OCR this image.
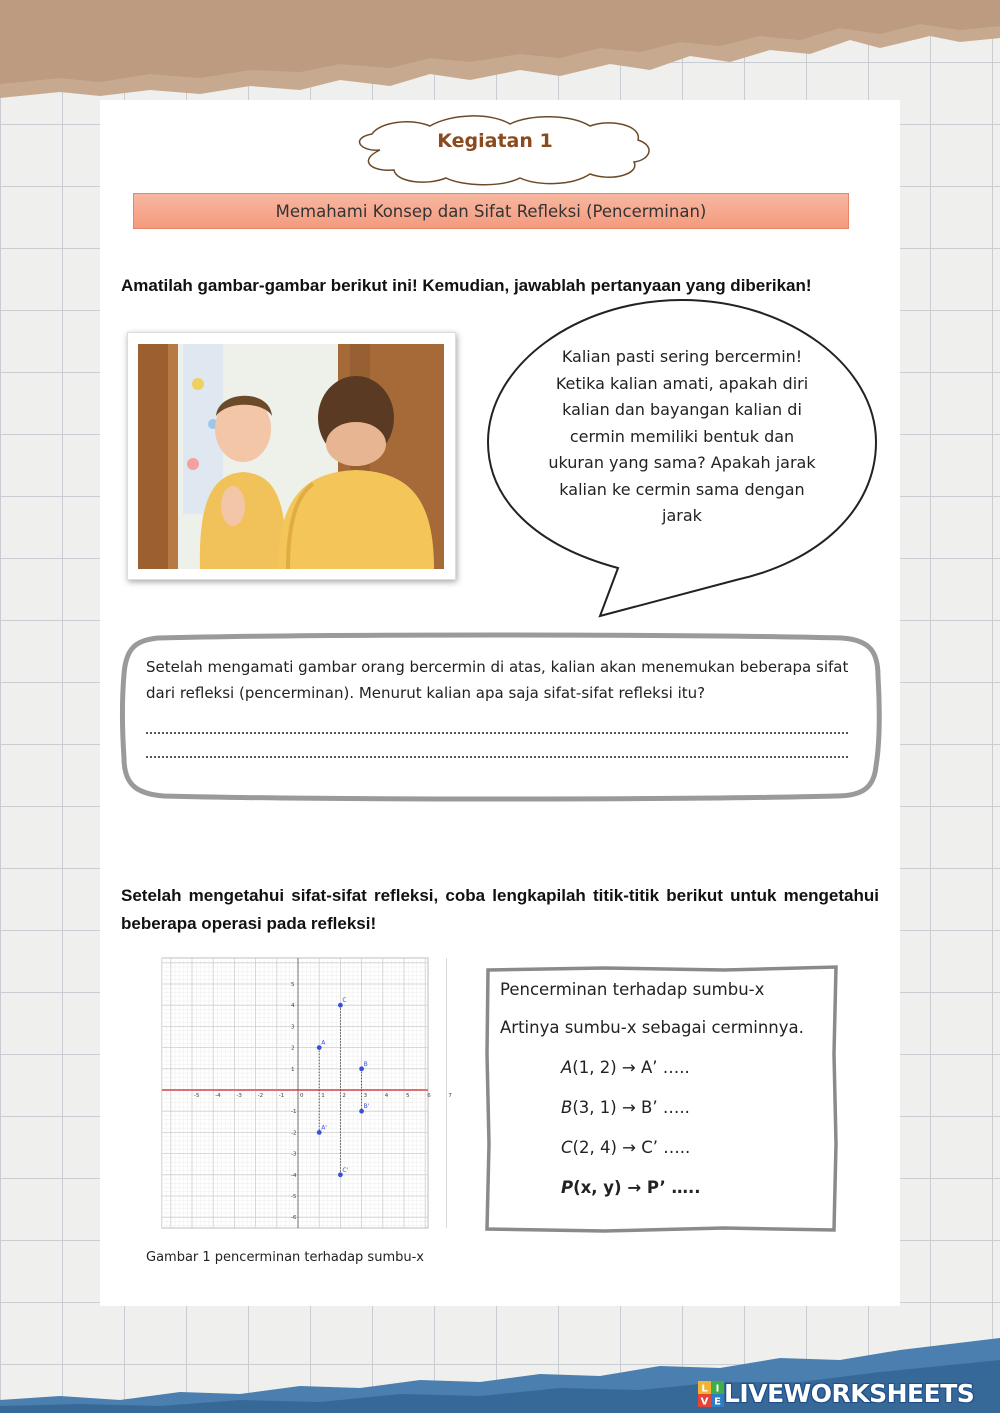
Kegiatan 1
Memahami Konsep dan Sifat Refleksi (Pencerminan)
Amatilah gambar-gambar berikut ini! Kemudian, jawablah pertanyaan yang diberikan!
Kalian pasti sering bercermin! Ketika kalian amati, apakah diri kalian dan bayangan kalian di cermin memiliki bentuk dan ukuran yang sama? Apakah jarak kalian ke cermin sama dengan jarak
Setelah mengamati gambar orang bercermin di atas, kalian akan menemukan beberapa sifat dari refleksi (pencerminan). Menurut kalian apa saja sifat-sifat refleksi itu?
Setelah mengetahui sifat-sifat refleksi, coba lengkapilah titik-titik berikut untuk mengetahui beberapa operasi pada refleksi!
-5	-4	-3	-2	-1	0	1	2	3	4	5	6	7
5
4
3
2
1
-1
-2
-3
-4
-5
-6
A
A'
B
B'
C
C'
Gambar 1 pencerminan terhadap sumbu-x
Pencerminan terhadap sumbu-x
Artinya sumbu-x sebagai cerminnya.
A(1, 2) → A’ …..
B(3, 1) → B’ …..
C(2, 4) → C’ …..
P(x, y) → P’ …..
L I
V E LIVEWORKSHEETS
